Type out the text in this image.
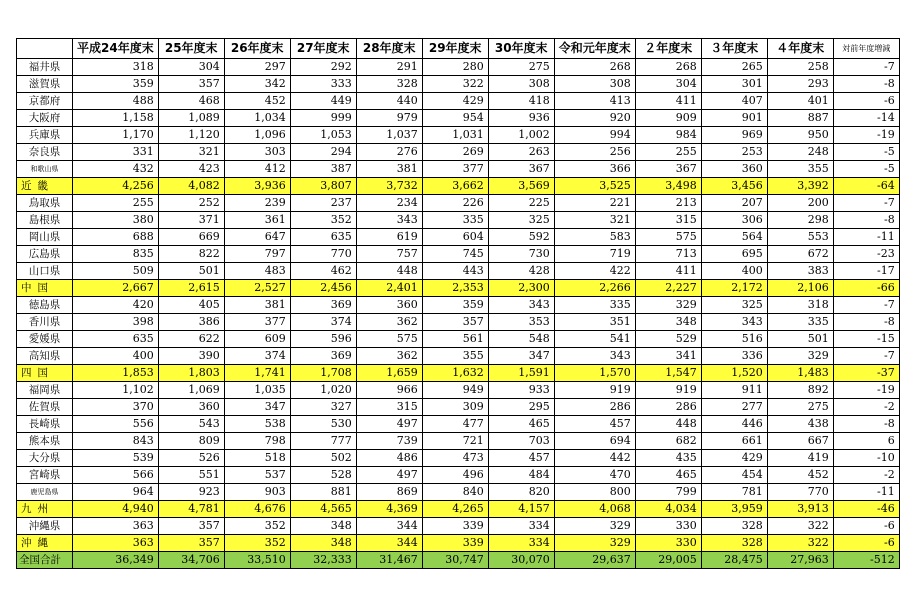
	平成24年度末	25年度末	26年度末	27年度末	28年度末	29年度末	30年度末	令和元年度末	２年度末	３年度末	４年度末	対前年度増減
福井県	318	304	297	292	291	280	275	268	268	265	258	-7
滋賀県	359	357	342	333	328	322	308	308	304	301	293	-8
京都府	488	468	452	449	440	429	418	413	411	407	401	-6
大阪府	1,158	1,089	1,034	999	979	954	936	920	909	901	887	-14
兵庫県	1,170	1,120	1,096	1,053	1,037	1,031	1,002	994	984	969	950	-19
奈良県	331	321	303	294	276	269	263	256	255	253	248	-5
和歌山県	432	423	412	387	381	377	367	366	367	360	355	-5
近畿	4,256	4,082	3,936	3,807	3,732	3,662	3,569	3,525	3,498	3,456	3,392	-64
鳥取県	255	252	239	237	234	226	225	221	213	207	200	-7
島根県	380	371	361	352	343	335	325	321	315	306	298	-8
岡山県	688	669	647	635	619	604	592	583	575	564	553	-11
広島県	835	822	797	770	757	745	730	719	713	695	672	-23
山口県	509	501	483	462	448	443	428	422	411	400	383	-17
中国	2,667	2,615	2,527	2,456	2,401	2,353	2,300	2,266	2,227	2,172	2,106	-66
徳島県	420	405	381	369	360	359	343	335	329	325	318	-7
香川県	398	386	377	374	362	357	353	351	348	343	335	-8
愛媛県	635	622	609	596	575	561	548	541	529	516	501	-15
高知県	400	390	374	369	362	355	347	343	341	336	329	-7
四国	1,853	1,803	1,741	1,708	1,659	1,632	1,591	1,570	1,547	1,520	1,483	-37
福岡県	1,102	1,069	1,035	1,020	966	949	933	919	919	911	892	-19
佐賀県	370	360	347	327	315	309	295	286	286	277	275	-2
長崎県	556	543	538	530	497	477	465	457	448	446	438	-8
熊本県	843	809	798	777	739	721	703	694	682	661	667	6
大分県	539	526	518	502	486	473	457	442	435	429	419	-10
宮崎県	566	551	537	528	497	496	484	470	465	454	452	-2
鹿児島県	964	923	903	881	869	840	820	800	799	781	770	-11
九州	4,940	4,781	4,676	4,565	4,369	4,265	4,157	4,068	4,034	3,959	3,913	-46
沖縄県	363	357	352	348	344	339	334	329	330	328	322	-6
沖縄	363	357	352	348	344	339	334	329	330	328	322	-6
全国合計	36,349	34,706	33,510	32,333	31,467	30,747	30,070	29,637	29,005	28,475	27,963	-512
